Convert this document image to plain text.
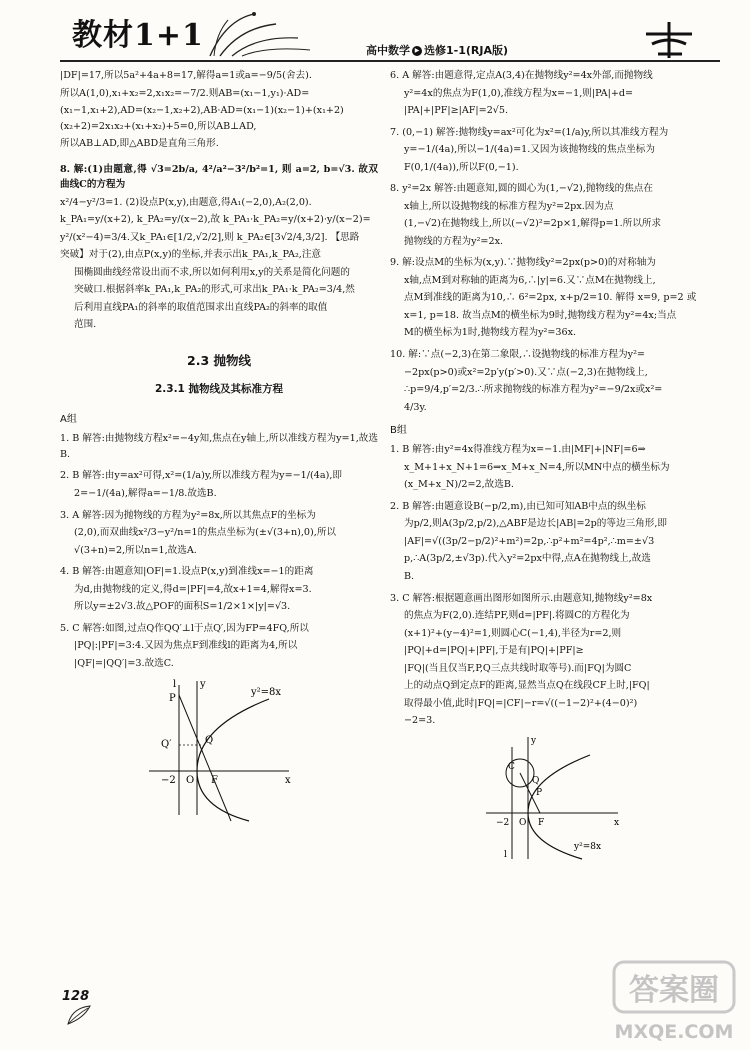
教材1+1	高中数学 ▶ 选修1-1(RJA版)

|DF|=17,所以5a²+4a+8=17,解得a=1或a=−9/5(舍去).

所以A(1,0),x₁+x₂=2,x₁x₂=−7/2.则AB=(x₁−1,y₁)·AD=

(x₁−1,x₁+2),AD=(x₂−1,x₂+2),AB·AD=(x₁−1)(x₂−1)+(x₁+2)(x₂+2)=2x₁x₂+(x₁+x₂)+5=0,所以AB⊥AD,

所以AB⊥AD,即△ABD是直角三角形.

8. 解:(1)由题意,得 √3=2b/a, 4²/a²−3²/b²=1, 则 a=2, b=√3. 故双曲线C的方程为

x²/4−y²/3=1. (2)设点P(x,y),由题意,得A₁(−2,0),A₂(2,0).

k_PA₁=y/(x+2), k_PA₂=y/(x−2),故 k_PA₁·k_PA₂=y/(x+2)·y/(x−2)=

y²/(x²−4)=3/4.又k_PA₁∈[1/2,√2/2],则 k_PA₂∈[3√2/4,3/2]. 【思路

突破】对于(2),由点P(x,y)的坐标,并表示出k_PA₁,k_PA₂,注意

围椭圆曲线经常设出而不求,所以如何利用x,y的关系是简化问题的

突破口.根据斜率k_PA₁,k_PA₂的形式,可求出k_PA₁·k_PA₂=3/4,然

后利用直线PA₁的斜率的取值范围求出直线PA₂的斜率的取值

范围.

2.3 抛物线
2.3.1 抛物线及其标准方程
A组

1. B 解答:由抛物线方程x²=−4y知,焦点在y轴上,所以准线方程为y=1,故选B.

2. B 解答:由y=ax²可得,x²=(1/a)y,所以准线方程为y=−1/(4a),即

2=−1/(4a),解得a=−1/8.故选B.

3. A 解答:因为抛物线的方程为y²=8x,所以其焦点F的坐标为

(2,0),而双曲线x²/3−y²/n=1的焦点坐标为(±√(3+n),0),所以

√(3+n)=2,所以n=1,故选A.

4. B 解答:由题意知|OF|=1.设点P(x,y)到准线x=−1的距离

为d,由抛物线的定义,得d=|PF|=4,故x+1=4,解得x=3.

所以y=±2√3.故△POF的面积S=1/2×1×|y|=√3.

5. C 解答:如图,过点Q作QQ′⊥l于点Q′,因为FP=4FQ,所以

|PQ|:|PF|=3:4.又因为焦点F到准线l的距离为4,所以

|QF|=|QQ′|=3.故选C.

l y
P
Q′	Q
−2 O F	x
y²=8x

6. A 解答:由题意得,定点A(3,4)在抛物线y²=4x外部,而抛物线

y²=4x的焦点为F(1,0),准线方程为x=−1,则|PA|+d=

|PA|+|PF|≥|AF|=2√5.

7. (0,−1) 解答:抛物线y=ax²可化为x²=(1/a)y,所以其准线方程为

y=−1/(4a),所以−1/(4a)=1.又因为该抛物线的焦点坐标为

F(0,1/(4a)),所以F(0,−1).

8. y²=2x 解答:由题意知,圆的圆心为(1,−√2),抛物线的焦点在

x轴上,所以设抛物线的标准方程为y²=2px.因为点

(1,−√2)在抛物线上,所以(−√2)²=2p×1,解得p=1.所以所求

抛物线的方程为y²=2x.

9. 解:设点M的坐标为(x,y).∵抛物线y²=2px(p>0)的对称轴为

x轴,点M到对称轴的距离为6,∴|y|=6.又∵点M在抛物线上,

点M到准线的距离为10,∴ 6²=2px, x+p/2=10. 解得 x=9, p=2 或

x=1, p=18. 故当点M的横坐标为9时,抛物线方程为y²=4x;当点

M的横坐标为1时,抛物线方程为y²=36x.

10. 解:∵点(−2,3)在第二象限,∴设抛物线的标准方程为y²=

−2px(p>0)或x²=2p′y(p′>0).又∵点(−2,3)在抛物线上,

∴p=9/4,p′=2/3.∴所求抛物线的标准方程为y²=−9/2x或x²=

4/3y.

B组

1. B 解答:由y²=4x得准线方程为x=−1.由|MF|+|NF|=6⇒

x_M+1+x_N+1=6⇒x_M+x_N=4,所以MN中点的横坐标为

(x_M+x_N)/2=2,故选B.

2. B 解答:由题意设B(−p/2,m),由已知可知AB中点的纵坐标

为p/2,则A(3p/2,p/2),△ABF是边长|AB|=2p的等边三角形,即

|AF|=√((3p/2−p/2)²+m²)=2p,∴p²+m²=4p²,∴m=±√3

p,∴A(3p/2,±√3p).代入y²=2px中得,点A在抛物线上,故选

B.

3. C 解答:根据题意画出图形如图所示.由题意知,抛物线y²=8x

的焦点为F(2,0).连结PF,则d=|PF|.将圆C的方程化为

(x+1)²+(y−4)²=1,则圆心C(−1,4),半径为r=2,则

|PQ|+d=|PQ|+|PF|,于是有|PQ|+|PF|≥

|FQ|(当且仅当F,P,Q三点共线时取等号).而|FQ|为圆C

上的动点Q到定点F的距离,显然当点Q在线段CF上时,|FQ|

取得最小值,此时|FQ|=|CF|−r=√((−1−2)²+(4−0)²)

−2=3.

y
C
Q
P
−2 O F	x
l
y²=8x
128	答案圈
MXQE.COM
